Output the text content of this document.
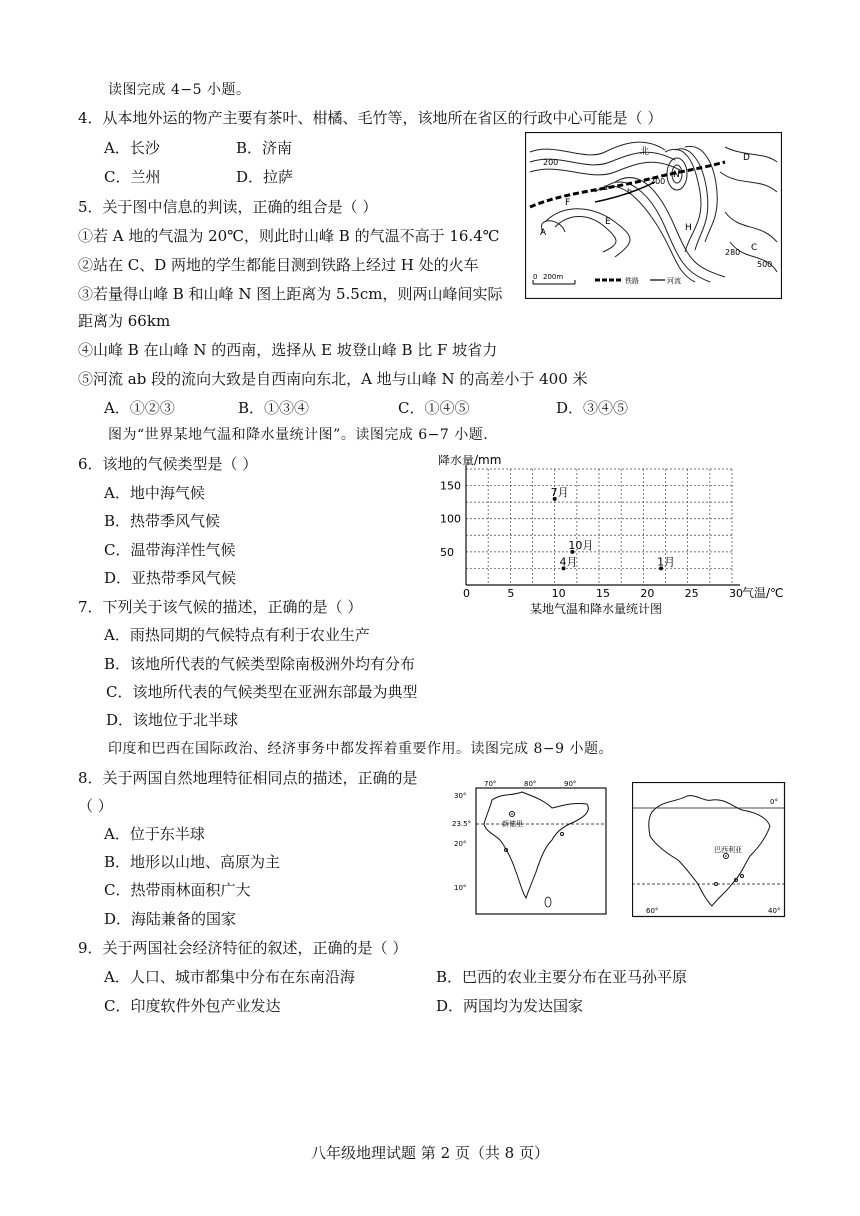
读图完成 4−5 小题。
4．从本地外运的物产主要有茶叶、柑橘、毛竹等，该地所在省区的行政中心可能是（ ）
A．长沙	B．济南
C．兰州	D．拉萨
200
北
D
N
200
A
E
F
H
a b
280 C
500
0 200m	铁路	河流
5．关于图中信息的判读，正确的组合是（ ）
①若 A 地的气温为 20℃，则此时山峰 B 的气温不高于 16.4℃
②站在 C、D 两地的学生都能目测到铁路上经过 H 处的火车
③若量得山峰 B 和山峰 N 图上距离为 5.5cm，则两山峰间实际
距离为 66km
④山峰 B 在山峰 N 的西南，选择从 E 坡登山峰 B 比 F 坡省力
⑤河流 ab 段的流向大致是自西南向东北，A 地与山峰 N 的高差小于 400 米
A．①②③	B．①③④	C．①④⑤	D．③④⑤
图为“世界某地气温和降水量统计图”。读图完成 6−7 小题.
6．该地的气候类型是（ ）
A．地中海气候
B．热带季风气候
C．温带海洋性气候
D．亚热带季风气候
0	5	10	15	20	25	30
50
100
150	7月
10月
4月	1月
降水量/mm
气温/℃
某地气温和降水量统计图
7．下列关于该气候的描述，正确的是（ ）
A．雨热同期的气候特点有利于农业生产
B．该地所代表的气候类型除南极洲外均有分布
C．该地所代表的气候类型在亚洲东部最为典型
D．该地位于北半球
印度和巴西在国际政治、经济事务中都发挥着重要作用。读图完成 8−9 小题。
8．关于两国自然地理特征相同点的描述，正确的是
（ ）
A．位于东半球
B．地形以山地、高原为主
C．热带雨林面积广大
D．海陆兼备的国家
70°	80°	90°
30°
23.5°
20°
10°
新德里
0°
巴西利亚
60°	40°
9．关于两国社会经济特征的叙述，正确的是（ ）
A．人口、城市都集中分布在东南沿海	B．巴西的农业主要分布在亚马孙平原
C．印度软件外包产业发达	D．两国均为发达国家
八年级地理试题 第 2 页（共 8 页）
